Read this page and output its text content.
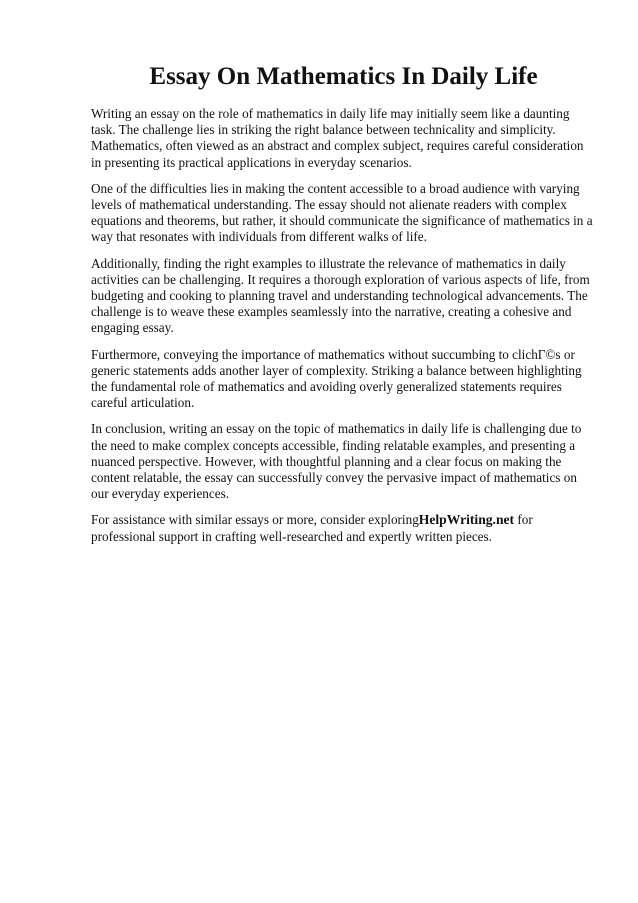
Essay On Mathematics In Daily Life

Writing an essay on the role of mathematics in daily life may initially seem like a daunting task. The challenge lies in striking the right balance between technicality and simplicity. Mathematics, often viewed as an abstract and complex subject, requires careful consideration in presenting its practical applications in everyday scenarios.

One of the difficulties lies in making the content accessible to a broad audience with varying levels of mathematical understanding. The essay should not alienate readers with complex equations and theorems, but rather, it should communicate the significance of mathematics in a way that resonates with individuals from different walks of life.

Additionally, finding the right examples to illustrate the relevance of mathematics in daily activities can be challenging. It requires a thorough exploration of various aspects of life, from budgeting and cooking to planning travel and understanding technological advancements. The challenge is to weave these examples seamlessly into the narrative, creating a cohesive and engaging essay.

Furthermore, conveying the importance of mathematics without succumbing to clichГ©s or generic statements adds another layer of complexity. Striking a balance between highlighting the fundamental role of mathematics and avoiding overly generalized statements requires careful articulation.

In conclusion, writing an essay on the topic of mathematics in daily life is challenging due to the need to make complex concepts accessible, finding relatable examples, and presenting a nuanced perspective. However, with thoughtful planning and a clear focus on making the content relatable, the essay can successfully convey the pervasive impact of mathematics on our everyday experiences.

For assistance with similar essays or more, consider exploringHelpWriting.net for professional support in crafting well-researched and expertly written pieces.
